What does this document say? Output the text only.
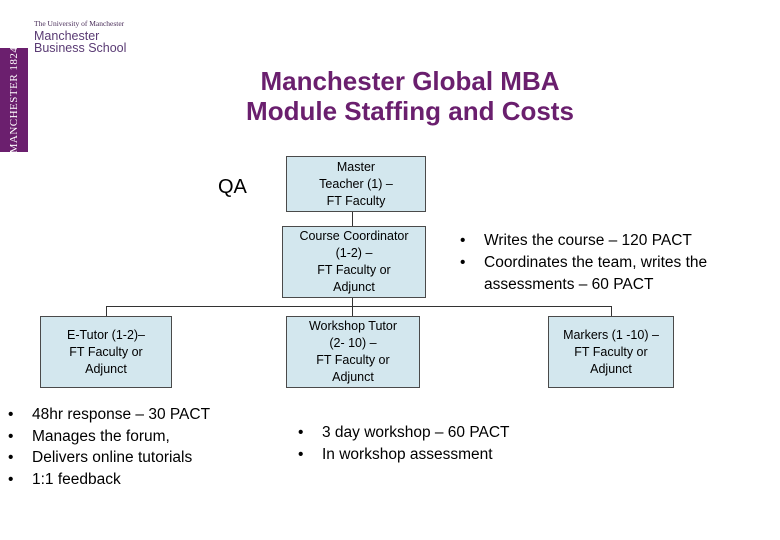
MANCHESTER 1824
The University of Manchester
Manchester
Business School
Manchester Global MBA
Module Staffing and Costs
QA
Master
Teacher (1) –
FT Faculty
Course Coordinator
(1-2) –
FT Faculty or
Adjunct
E-Tutor (1-2)–
FT Faculty or
Adjunct
Workshop Tutor
(2- 10) –
FT Faculty or
Adjunct
Markers (1 -10) –
FT Faculty or
Adjunct
• Writes the course – 120 PACT
• Coordinates the team, writes the assessments – 60 PACT
• 48hr response – 30 PACT
• Manages the forum,
• Delivers online tutorials
• 1:1 feedback
• 3 day workshop – 60 PACT
• In workshop assessment
